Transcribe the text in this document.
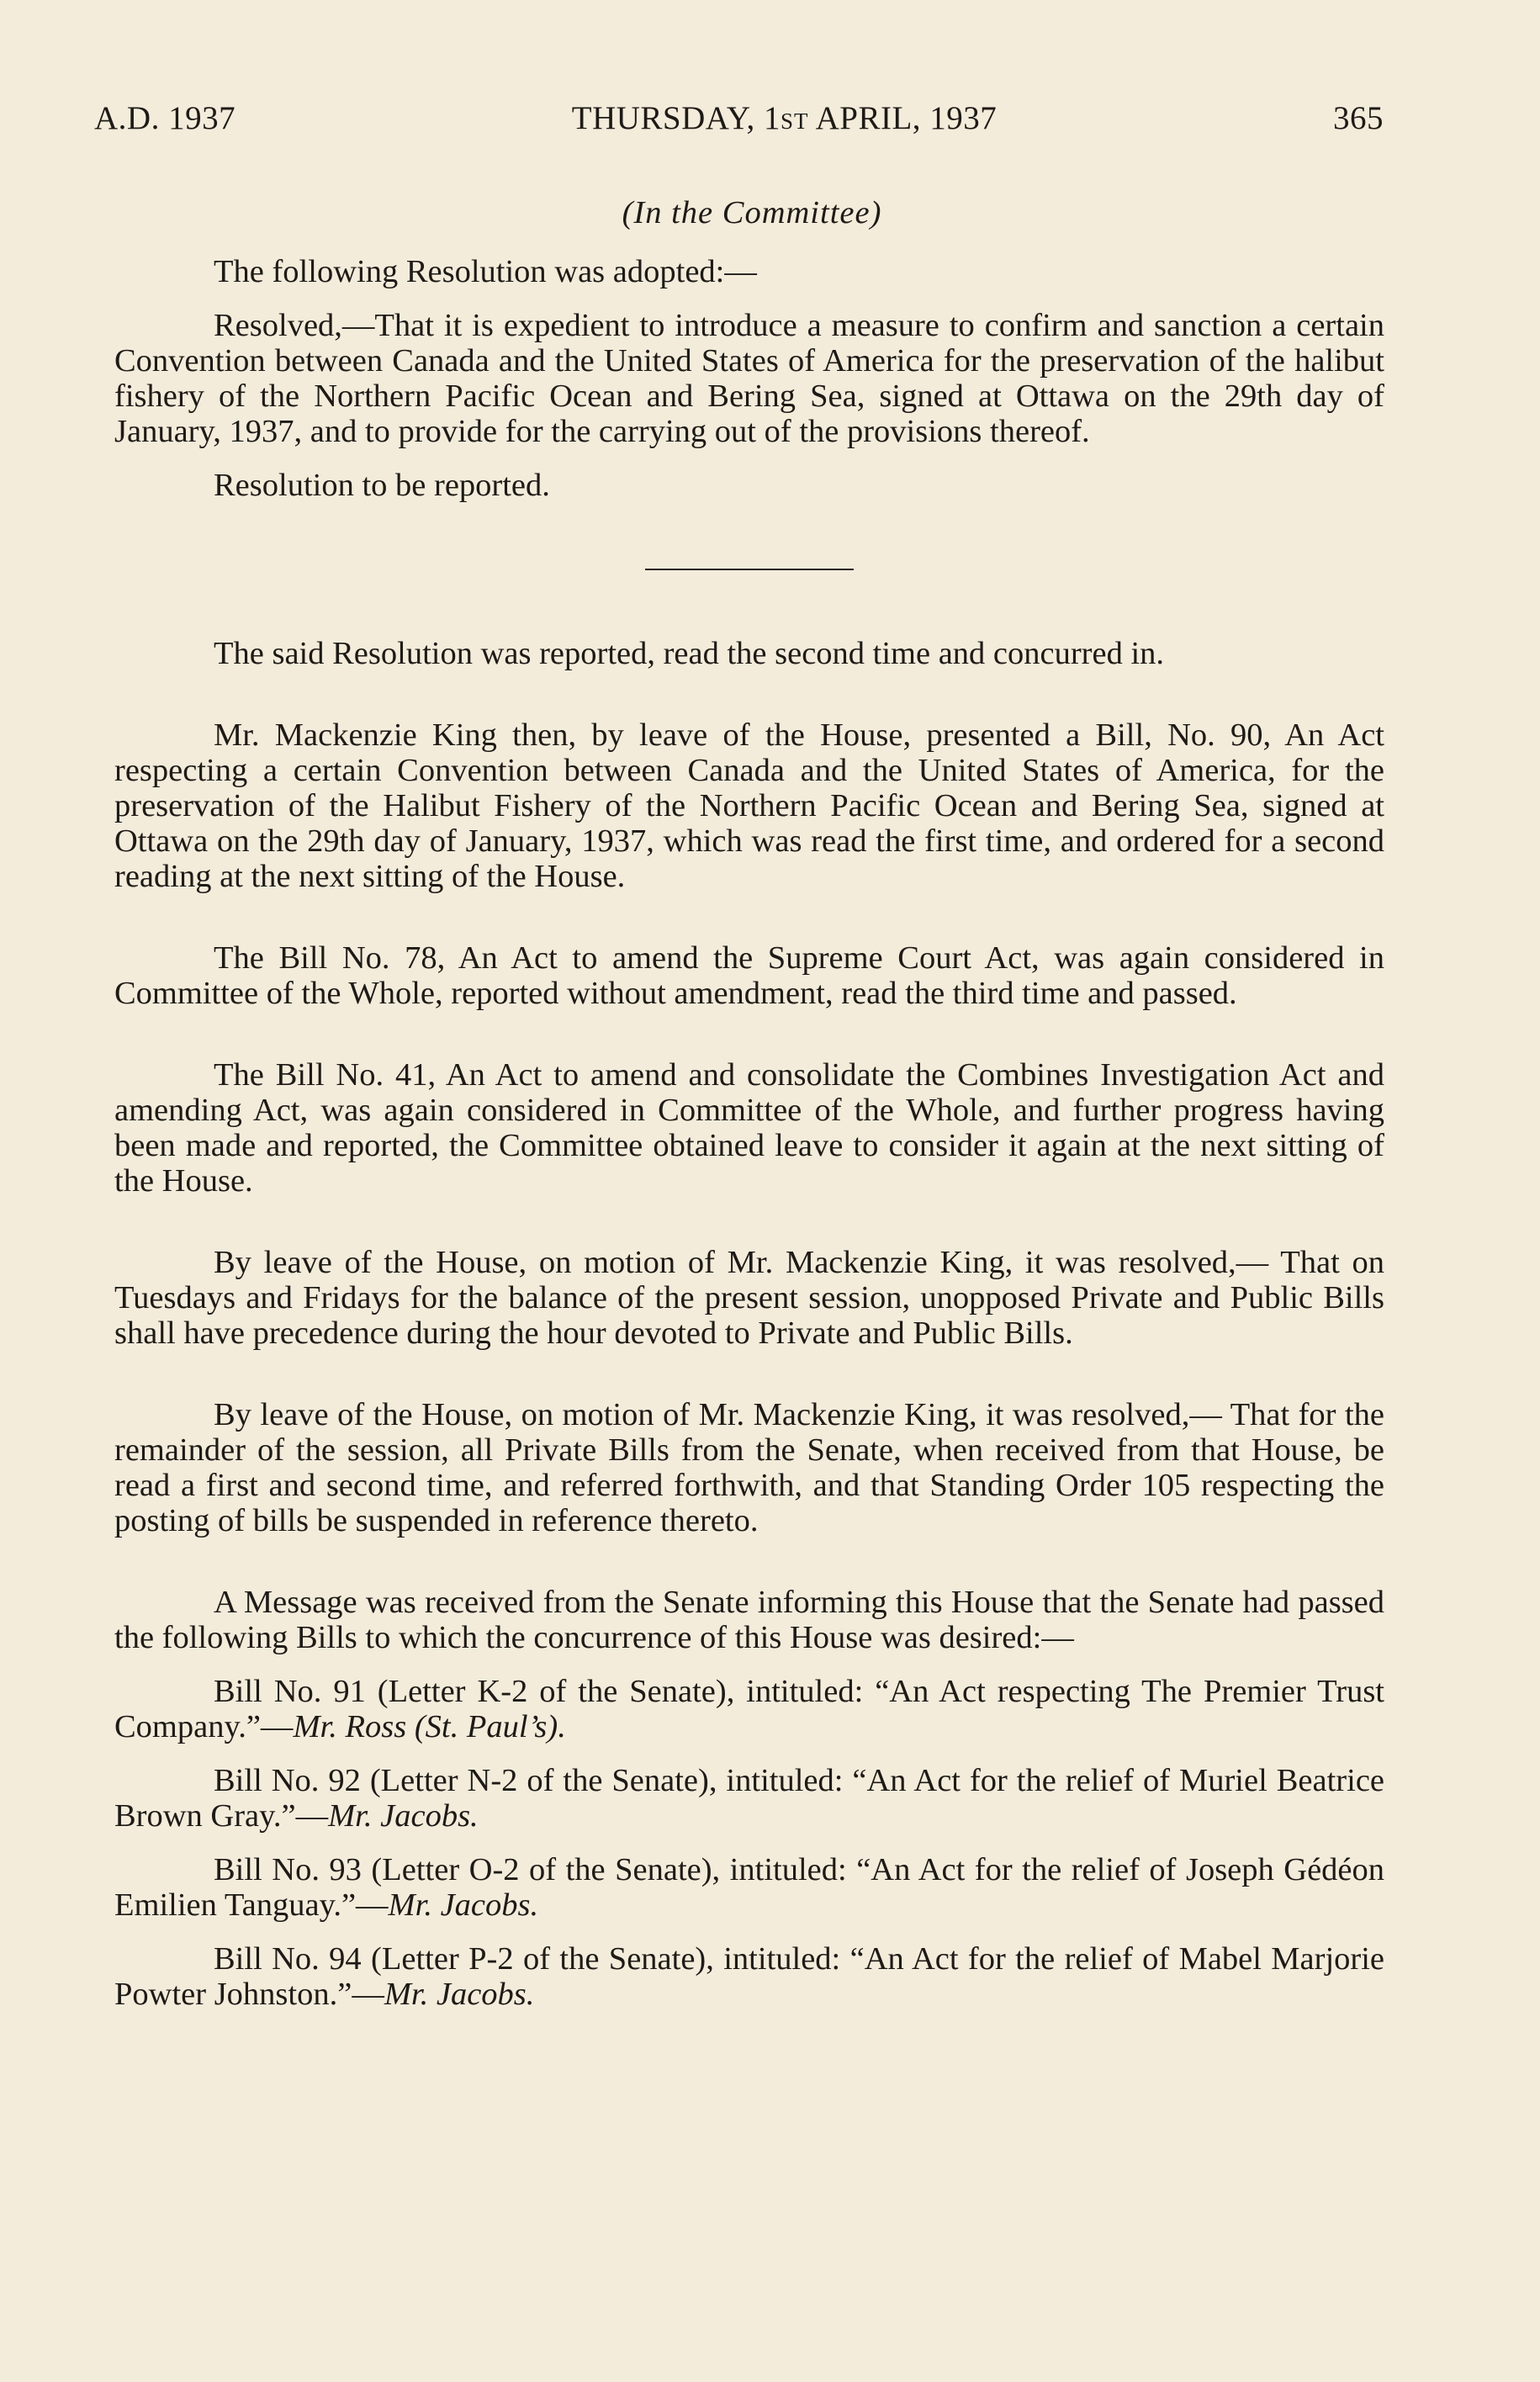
A.D. 1937	THURSDAY, 1ST APRIL, 1937	365

(In the Committee)

The following Resolution was adopted:—

Resolved,—That it is expedient to introduce a measure to confirm and sanction a certain Convention between Canada and the United States of America for the preservation of the halibut fishery of the Northern Pacific Ocean and Bering Sea, signed at Ottawa on the 29th day of January, 1937, and to provide for the carrying out of the provisions thereof.

Resolution to be reported.

The said Resolution was reported, read the second time and concurred in.

Mr. Mackenzie King then, by leave of the House, presented a Bill, No. 90, An Act respecting a certain Convention between Canada and the United States of America, for the preservation of the Halibut Fishery of the Northern Pacific Ocean and Bering Sea, signed at Ottawa on the 29th day of January, 1937, which was read the first time, and ordered for a second reading at the next sitting of the House.

The Bill No. 78, An Act to amend the Supreme Court Act, was again considered in Committee of the Whole, reported without amendment, read the third time and passed.

The Bill No. 41, An Act to amend and consolidate the Combines Investigation Act and amending Act, was again considered in Committee of the Whole, and further progress having been made and reported, the Committee obtained leave to consider it again at the next sitting of the House.

By leave of the House, on motion of Mr. Mackenzie King, it was resolved,— That on Tuesdays and Fridays for the balance of the present session, unopposed Private and Public Bills shall have precedence during the hour devoted to Private and Public Bills.

By leave of the House, on motion of Mr. Mackenzie King, it was resolved,— That for the remainder of the session, all Private Bills from the Senate, when received from that House, be read a first and second time, and referred forthwith, and that Standing Order 105 respecting the posting of bills be suspended in reference thereto.

A Message was received from the Senate informing this House that the Senate had passed the following Bills to which the concurrence of this House was desired:—

Bill No. 91 (Letter K-2 of the Senate), intituled: “An Act respecting The Premier Trust Company.”—Mr. Ross (St. Paul’s).

Bill No. 92 (Letter N-2 of the Senate), intituled: “An Act for the relief of Muriel Beatrice Brown Gray.”—Mr. Jacobs.

Bill No. 93 (Letter O-2 of the Senate), intituled: “An Act for the relief of Joseph Gédéon Emilien Tanguay.”—Mr. Jacobs.

Bill No. 94 (Letter P-2 of the Senate), intituled: “An Act for the relief of Mabel Marjorie Powter Johnston.”—Mr. Jacobs.
